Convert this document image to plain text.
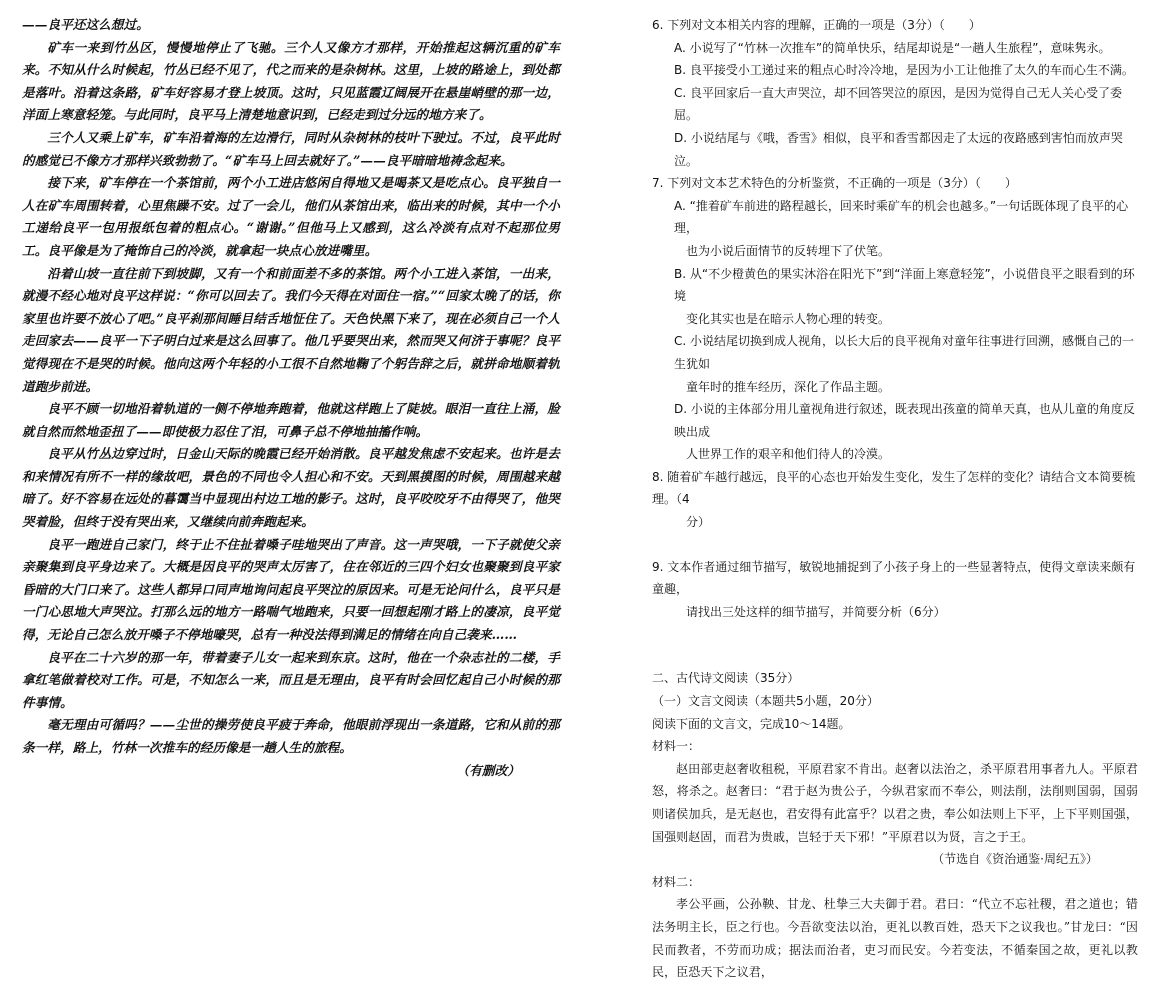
——良平还这么想过。

矿车一来到竹丛区，慢慢地停止了飞驰。三个人又像方才那样，开始推起这辆沉重的矿车来。不知从什么时候起，竹丛已经不见了，代之而来的是杂树林。这里，上坡的路途上，到处都是落叶。沿着这条路，矿车好容易才登上坡顶。这时，只见蓝霞辽阔展开在悬崖峭壁的那一边，洋面上寒意轻笼。与此同时，良平马上清楚地意识到，已经走到过分远的地方来了。

三个人又乘上矿车，矿车沿着海的左边滑行，同时从杂树林的枝叶下驶过。不过，良平此时的感觉已不像方才那样兴致勃勃了。“矿车马上回去就好了。”——良平暗暗地祷念起来。

接下来，矿车停在一个茶馆前，两个小工进店悠闲自得地又是喝茶又是吃点心。良平独自一人在矿车周围转着，心里焦躁不安。过了一会儿，他们从茶馆出来，临出来的时候，其中一个小工递给良平一包用报纸包着的粗点心。“谢谢。”但他马上又感到，这么冷淡有点对不起那位男工。良平像是为了掩饰自己的冷淡，就拿起一块点心放进嘴里。

沿着山坡一直往前下到坡脚，又有一个和前面差不多的茶馆。两个小工进入茶馆，一出来，就漫不经心地对良平这样说：“你可以回去了。我们今天得在对面住一宿。”“回家太晚了的话，你家里也许要不放心了吧。”良平刹那间睡目结舌地怔住了。天色快黑下来了，现在必须自己一个人走回家去——良平一下子明白过来是这么回事了。他几乎要哭出来，然而哭又何济于事呢？良平觉得现在不是哭的时候。他向这两个年轻的小工很不自然地鞠了个躬告辞之后，就拼命地顺着轨道跑步前进。

良平不顾一切地沿着轨道的一侧不停地奔跑着，他就这样跑上了陡坡。眼泪一直往上涌，脸就自然而然地歪扭了——即使极力忍住了泪，可鼻子总不停地抽搐作响。

良平从竹丛边穿过时，日金山天际的晚霞已经开始消散。良平越发焦虑不安起来。也许是去和来情况有所不一样的缘故吧，景色的不同也令人担心和不安。天到黑摸图的时候，周围越来越暗了。好不容易在远处的暮霭当中显现出村边工地的影子。这时，良平咬咬牙不由得哭了，他哭哭着脸，但终于没有哭出来，又继续向前奔跑起来。

良平一跑进自己家门，终于止不住扯着嗓子哇地哭出了声音。这一声哭哦，一下子就使父亲亲聚集到良平身边来了。大概是因良平的哭声太厉害了，住在邻近的三四个妇女也聚聚到良平家昏暗的大门口来了。这些人都异口同声地询问起良平哭泣的原因来。可是无论问什么，良平只是一门心思地大声哭泣。打那么远的地方一路喘气地跑来，只要一回想起刚才路上的凄凉，良平觉得，无论自己怎么放开嗓子不停地嚎哭，总有一种没法得到满足的情绪在向自己袭来……

良平在二十六岁的那一年，带着妻子儿女一起来到东京。这时，他在一个杂志社的二楼，手拿红笔做着校对工作。可是，不知怎么一来，而且是无理由，良平有时会回忆起自己小时候的那件事情。

毫无理由可循吗？——尘世的操劳使良平疲于奔命，他眼前浮现出一条道路，它和从前的那条一样，路上，竹林一次推车的经历像是一趟人生的旅程。

（有删改）

6. 下列对文本相关内容的理解，正确的一项是（3分）（　　）

A. 小说写了“竹林一次推车”的简单快乐，结尾却说是“一趟人生旅程”，意味隽永。

B. 良平接受小工递过来的粗点心时冷冷地，是因为小工让他推了太久的车而心生不满。

C. 良平回家后一直大声哭泣，却不回答哭泣的原因，是因为觉得自己无人关心受了委屈。

D. 小说结尾与《哦，香雪》相似，良平和香雪都因走了太远的夜路感到害怕而放声哭泣。

7. 下列对文本艺术特色的分析鉴赏，不正确的一项是（3分）（　　）

A. “推着矿车前进的路程越长，回来时乘矿车的机会也越多。”一句话既体现了良平的心理，

也为小说后面情节的反转埋下了伏笔。

B. 从“不少橙黄色的果实沐浴在阳光下”到“洋面上寒意轻笼”，小说借良平之眼看到的环境

变化其实也是在暗示人物心理的转变。

C. 小说结尾切换到成人视角，以长大后的良平视角对童年往事进行回溯，感慨自己的一生犹如

童年时的推车经历，深化了作品主题。

D. 小说的主体部分用儿童视角进行叙述，既表现出孩童的简单天真，也从儿童的角度反映出成

人世界工作的艰辛和他们待人的冷漠。

8. 随着矿车越行越远，良平的心态也开始发生变化，发生了怎样的变化？请结合文本简要梳理。（4

分）

9. 文本作者通过细节描写，敏锐地捕捉到了小孩子身上的一些显著特点，使得文章读来颇有童趣，

请找出三处这样的细节描写，并简要分析（6分）

二、古代诗文阅读（35分）

（一）文言文阅读（本题共5小题，20分）

阅读下面的文言文，完成10～14题。

材料一：

赵田部吏赵奢收租税，平原君家不肯出。赵奢以法治之，杀平原君用事者九人。平原君怒，将杀之。赵奢曰：“君于赵为贵公子，今纵君家而不奉公，则法削，法削则国弱，国弱则诸侯加兵，是无赵也，君安得有此富乎？以君之贵，奉公如法则上下平，上下平则国强，国强则赵固，而君为贵戚，岂轻于天下邪！”平原君以为贤，言之于王。

（节选自《资治通鉴·周纪五》）

材料二：

孝公平画，公孙鞅、甘龙、杜挚三大夫御于君。君曰：“代立不忘社稷，君之道也；错法务明主长，臣之行也。今吾欲变法以治，更礼以教百姓，恐天下之议我也。”甘龙曰：“因民而教者，不劳而功成；据法而治者，吏习而民安。今若变法，不循秦国之故，更礼以教民，臣恐天下之议君，
